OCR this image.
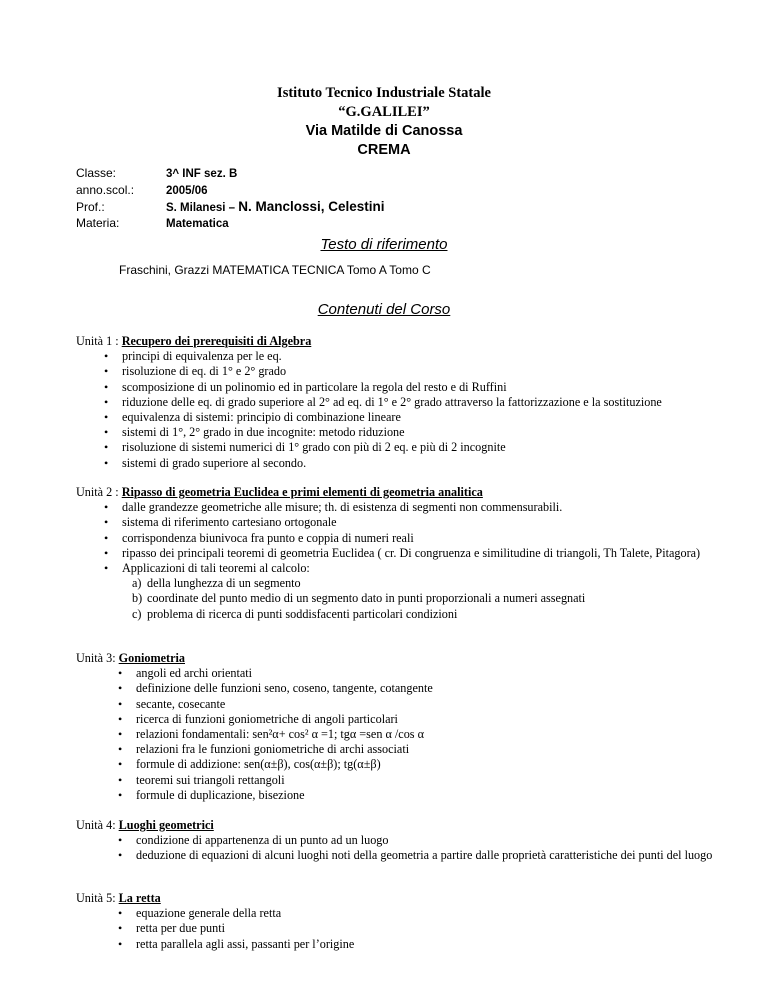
Istituto Tecnico Industriale Statale
“G.GALILEI”
Via Matilde di Canossa
CREMA
Classe:	3^ INF sez. B
anno.scol.:	2005/06
Prof.:	S. Milanesi – N. Manclossi, Celestini
Materia:	Matematica
Testo di riferimento
Fraschini, Grazzi MATEMATICA TECNICA Tomo A Tomo C
Contenuti del Corso
Unità 1 : Recupero dei prerequisiti di Algebra
• principi di equivalenza per le eq.
• risoluzione di eq. di 1° e 2° grado
• scomposizione di un polinomio ed in particolare la regola del resto e di Ruffini
• riduzione delle eq. di grado superiore al 2° ad eq. di 1° e 2° grado attraverso la fattorizzazione e la sostituzione
• equivalenza di sistemi: principio di combinazione lineare
• sistemi di 1°, 2° grado in due incognite: metodo riduzione
• risoluzione di sistemi numerici di 1° grado con più di 2 eq. e più di 2 incognite
• sistemi di grado superiore al secondo.
Unità 2 : Ripasso di geometria Euclidea e primi elementi di geometria analitica
• dalle grandezze geometriche alle misure; th. di esistenza di segmenti non commensurabili.
• sistema di riferimento cartesiano ortogonale
• corrispondenza biunivoca fra punto e coppia di numeri reali
• ripasso dei principali teoremi di geometria Euclidea ( cr. Di congruenza e similitudine di triangoli, Th Talete, Pitagora)
• Applicazioni di tali teoremi al calcolo:
a) della lunghezza di un segmento
b) coordinate del punto medio di un segmento dato in punti proporzionali a numeri assegnati
c) problema di ricerca di punti soddisfacenti particolari condizioni
Unità 3: Goniometria
• angoli ed archi orientati
• definizione delle funzioni seno, coseno, tangente, cotangente
• secante, cosecante
• ricerca di funzioni goniometriche di angoli particolari
• relazioni fondamentali: sen²α+ cos² α =1; tgα =sen α /cos α
• relazioni fra le funzioni goniometriche di archi associati
• formule di addizione: sen(α±β), cos(α±β); tg(α±β)
• teoremi sui triangoli rettangoli
• formule di duplicazione, bisezione
Unità 4: Luoghi geometrici
• condizione di appartenenza di un punto ad un luogo
• deduzione di equazioni di alcuni luoghi noti della geometria a partire dalle proprietà caratteristiche dei punti del luogo
Unità 5: La retta
• equazione generale della retta
• retta per due punti
• retta parallela agli assi, passanti per l’origine
